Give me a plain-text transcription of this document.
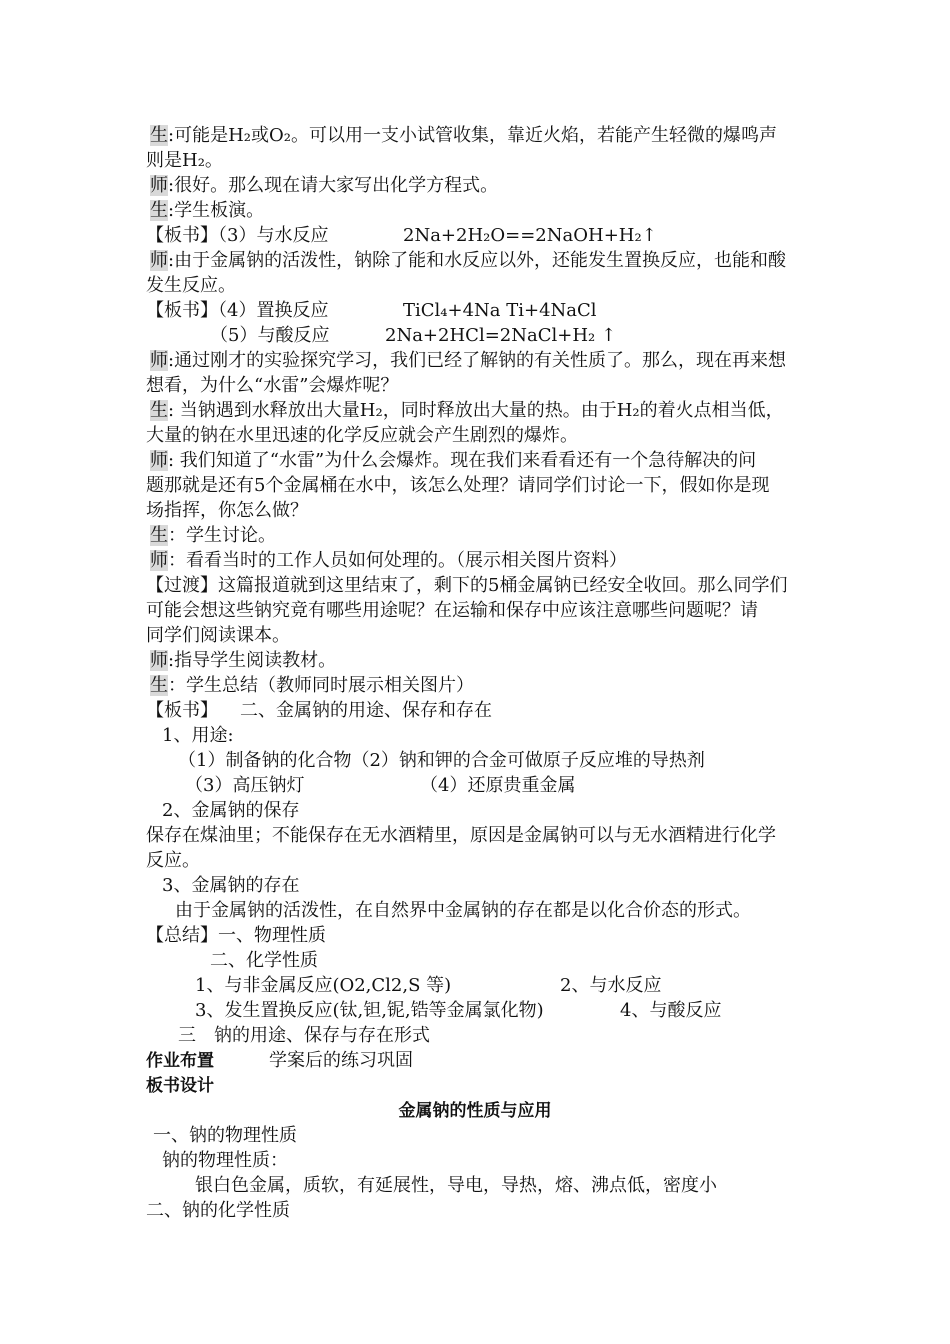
生:可能是H₂或O₂。可以用一支小试管收集，靠近火焰，若能产生轻微的爆鸣声
则是H₂。
师:很好。那么现在请大家写出化学方程式。
生:学生板演。
【板书】（3）与水反应	2Na+2H₂O==2NaOH+H₂↑
师:由于金属钠的活泼性，钠除了能和水反应以外，还能发生置换反应，也能和酸
发生反应。
【板书】（4）置换反应	TiCl₄+4Na Ti+4NaCl
（5）与酸反应	2Na+2HCl=2NaCl+H₂ ↑
师:通过刚才的实验探究学习，我们已经了解钠的有关性质了。那么，现在再来想
想看，为什么“水雷”会爆炸呢？
生: 当钠遇到水释放出大量H₂，同时释放出大量的热。由于H₂的着火点相当低，
大量的钠在水里迅速的化学反应就会产生剧烈的爆炸。
师: 我们知道了“水雷”为什么会爆炸。现在我们来看看还有一个急待解决的问
题那就是还有5个金属桶在水中，该怎么处理？请同学们讨论一下，假如你是现
场指挥，你怎么做？
生：学生讨论。
师：看看当时的工作人员如何处理的。（展示相关图片资料）
【过渡】这篇报道就到这里结束了，剩下的5桶金属钠已经安全收回。那么同学们
可能会想这些钠究竟有哪些用途呢？在运输和保存中应该注意哪些问题呢？请
同学们阅读课本。
师:指导学生阅读教材。
生：学生总结（教师同时展示相关图片）
【板书】 二、金属钠的用途、保存和存在
1、用途:
（1）制备钠的化合物（2）钠和钾的合金可做原子反应堆的导热剂
（3）高压钠灯	（4）还原贵重金属
2、金属钠的保存
保存在煤油里；不能保存在无水酒精里，原因是金属钠可以与无水酒精进行化学
反应。
3、金属钠的存在
由于金属钠的活泼性，在自然界中金属钠的存在都是以化合价态的形式。
【总结】一、物理性质
二、化学性质
1、与非金属反应(O2,Cl2,S 等)	2、与水反应
3、发生置换反应(钛,钽,铌,锆等金属氯化物)	4、与酸反应
三　钠的用途、保存与存在形式
作业布置	学案后的练习巩固
板书设计
金属钠的性质与应用
一、钠的物理性质
钠的物理性质：
银白色金属，质软，有延展性，导电，导热，熔、沸点低，密度小
二、钠的化学性质
